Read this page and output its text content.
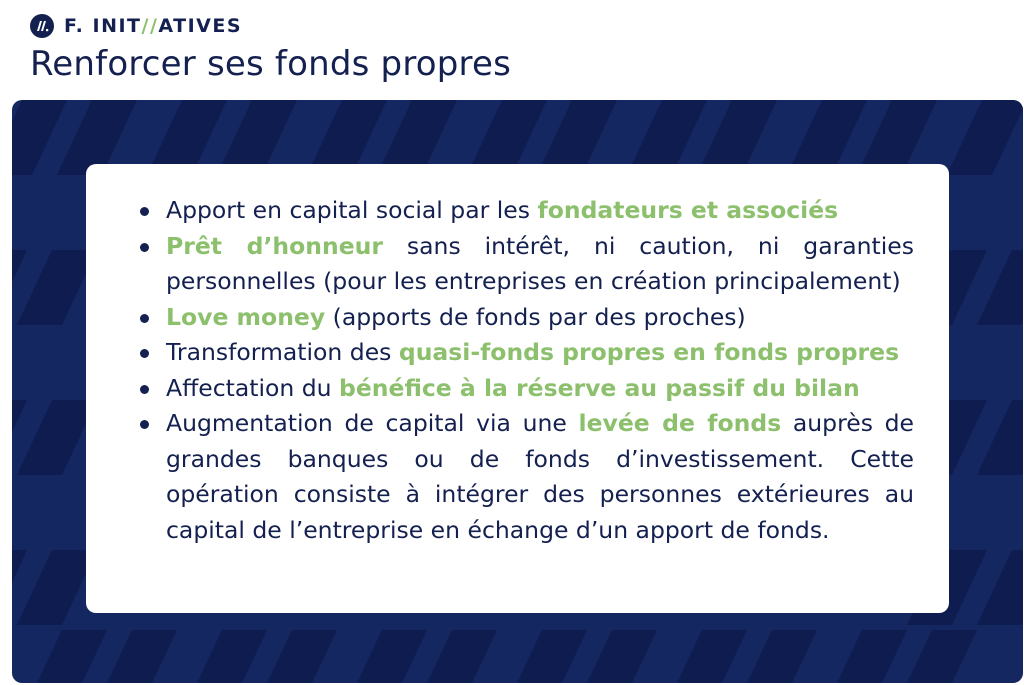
F. INIT//ATIVES
Renforcer ses fonds propres
Apport en capital social par les fondateurs et associés
Prêt d’honneur sans intérêt, ni caution, ni garanties personnelles (pour les entreprises en création principalement)
Love money (apports de fonds par des proches)
Transformation des quasi-fonds propres en fonds propres
Affectation du bénéfice à la réserve au passif du bilan
Augmentation de capital via une levée de fonds auprès de grandes banques ou de fonds d’investissement. Cette opération consiste à intégrer des personnes extérieures au capital de l’entreprise en échange d’un apport de fonds.
